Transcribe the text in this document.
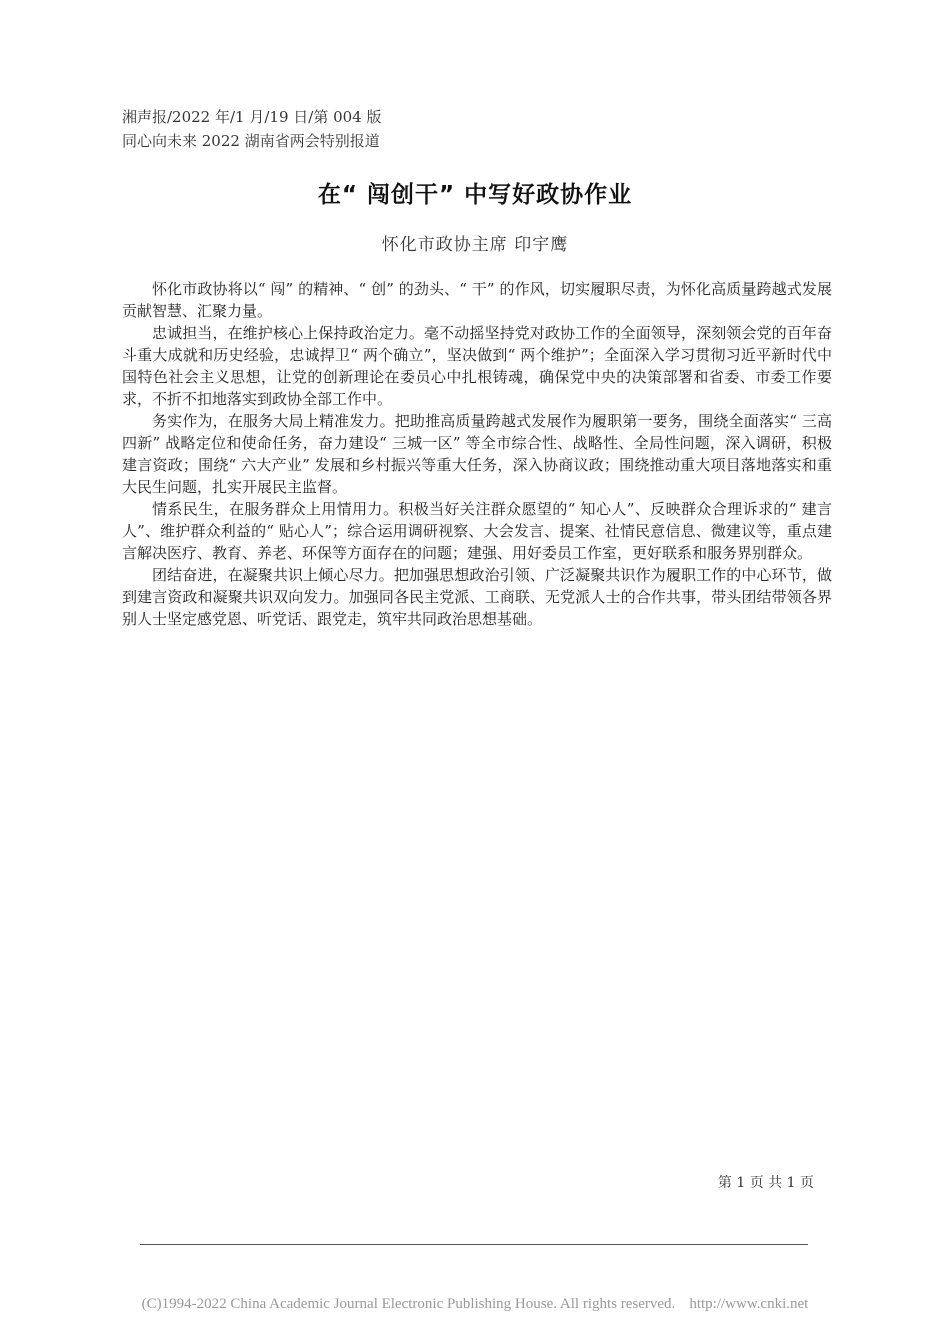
湘声报/2022 年/1 月/19 日/第 004 版
同心向未来 2022 湖南省两会特别报道
在“ 闯创干” 中写好政协作业
怀化市政协主席 印宇鹰

怀化市政协将以“ 闯” 的精神、“ 创” 的劲头、“ 干” 的作风，切实履职尽责，为怀化高质量跨越式发展贡献智慧、汇聚力量。

忠诚担当，在维护核心上保持政治定力。毫不动摇坚持党对政协工作的全面领导，深刻领会党的百年奋斗重大成就和历史经验，忠诚捍卫“ 两个确立”，坚决做到“ 两个维护”；全面深入学习贯彻习近平新时代中国特色社会主义思想，让党的创新理论在委员心中扎根铸魂，确保党中央的决策部署和省委、市委工作要求，不折不扣地落实到政协全部工作中。

务实作为，在服务大局上精准发力。把助推高质量跨越式发展作为履职第一要务，围绕全面落实“ 三高四新” 战略定位和使命任务，奋力建设“ 三城一区” 等全市综合性、战略性、全局性问题，深入调研，积极建言资政；围绕“ 六大产业” 发展和乡村振兴等重大任务，深入协商议政；围绕推动重大项目落地落实和重大民生问题，扎实开展民主监督。

情系民生，在服务群众上用情用力。积极当好关注群众愿望的“ 知心人”、反映群众合理诉求的“ 建言人”、维护群众利益的“ 贴心人”；综合运用调研视察、大会发言、提案、社情民意信息、微建议等，重点建言解决医疗、教育、养老、环保等方面存在的问题；建强、用好委员工作室，更好联系和服务界别群众。

团结奋进，在凝聚共识上倾心尽力。把加强思想政治引领、广泛凝聚共识作为履职工作的中心环节，做到建言资政和凝聚共识双向发力。加强同各民主党派、工商联、无党派人士的合作共事，带头团结带领各界别人士坚定感党恩、听党话、跟党走，筑牢共同政治思想基础。

第 1 页 共 1 页
(C)1994-2022 China Academic Journal Electronic Publishing House. All rights reserved. http://www.cnki.net
